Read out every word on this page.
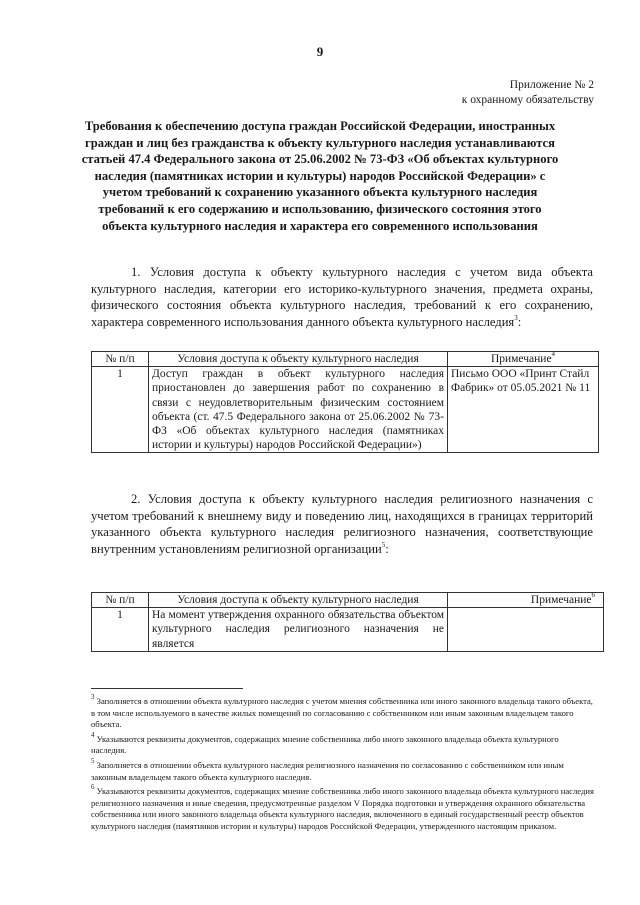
9
Приложение № 2
к охранному обязательству
Требования к обеспечению доступа граждан Российской Федерации, иностранных граждан и лиц без гражданства к объекту культурного наследия устанавливаются статьей 47.4 Федерального закона от 25.06.2002 № 73-ФЗ «Об объектах культурного наследия (памятниках истории и культуры) народов Российской Федерации» с учетом требований к сохранению указанного объекта культурного наследия требований к его содержанию и использованию, физического состояния этого объекта культурного наследия и характера его современного использования
1. Условия доступа к объекту культурного наследия с учетом вида объекта культурного наследия, категории его историко-культурного значения, предмета охраны, физического состояния объекта культурного наследия, требований к его сохранению, характера современного использования данного объекта культурного наследия$^3$:
№ п/п	Условия доступа к объекту культурного наследия	Примечание$^4$
1	Доступ граждан в объект культурного наследия приостановлен до завершения работ по сохранению в связи с неудовлетворительным физическим состоянием объекта (ст. 47.5 Федерального закона от 25.06.2002 № 73-ФЗ «Об объектах культурного наследия (памятниках истории и культуры) народов Российской Федерации»)	Письмо ООО «Принт Стайл Фабрик» от 05.05.2021 № 11
2. Условия доступа к объекту культурного наследия религиозного назначения с учетом требований к внешнему виду и поведению лиц, находящихся в границах территорий указанного объекта культурного наследия религиозного назначения, соответствующие внутренним установлениям религиозной организации$^5$:
№ п/п	Условия доступа к объекту культурного наследия	Примечание$^6$
1	На момент утверждения охранного обязательства объектом культурного наследия религиозного назначения не является	

$^3$ Заполняется в отношении объекта культурного наследия с учетом мнения собственника или иного законного владельца такого объекта, в том числе используемого в качестве жилых помещений по согласованию с собственником или иным законным владельцем такого объекта.

$^4$ Указываются реквизиты документов, содержащих мнение собственника либо иного законного владельца объекта культурного наследия.

$^5$ Заполняется в отношении объекта культурного наследия религиозного назначения по согласованию с собственником или иным законным владельцем такого объекта культурного наследия.

$^6$ Указываются реквизиты документов, содержащих мнение собственника либо иного законного владельца объекта культурного наследия религиозного назначения и иные сведения, предусмотренные разделом V Порядка подготовки и утверждения охранного обязательства собственника или иного законного владельца объекта культурного наследия, включенного в единый государственный реестр объектов культурного наследия (памятников истории и культуры) народов Российской Федерации, утвержденного настоящим приказом.
